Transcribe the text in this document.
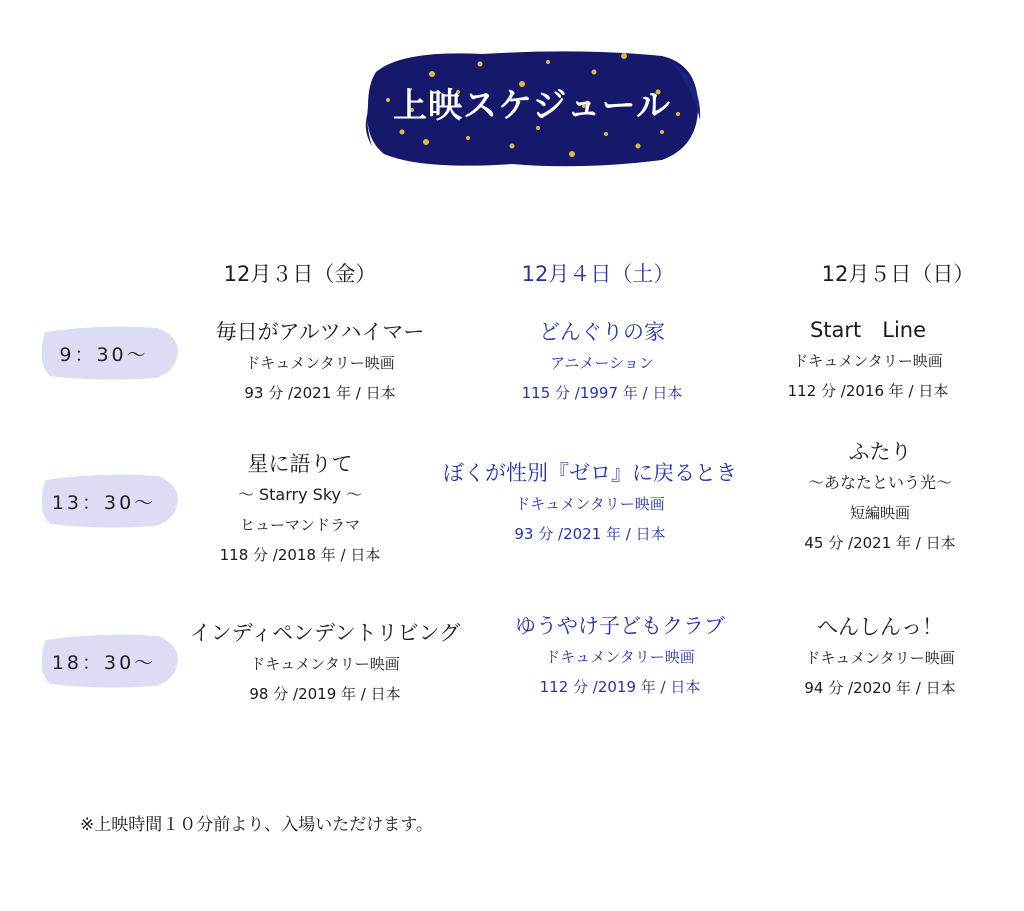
上映スケジュール
12月３日（金）	12月４日（土）	12月５日（日）
9：30～
13：30～
18：30～
毎日がアルツハイマー
ドキュメンタリー映画
93 分 /2021 年 / 日本
星に語りて
～ Starry Sky ～
ヒューマンドラマ
118 分 /2018 年 / 日本
インディペンデントリビング
ドキュメンタリー映画
98 分 /2019 年 / 日本
どんぐりの家
アニメーション
115 分 /1997 年 / 日本
ぼくが性別『ゼロ』に戻るとき
ドキュメンタリー映画
93 分 /2021 年 / 日本
ゆうやけ子どもクラブ
ドキュメンタリー映画
112 分 /2019 年 / 日本
Start　Line
ドキュメンタリー映画
112 分 /2016 年 / 日本
ふたり
～あなたという光～
短編映画
45 分 /2021 年 / 日本
へんしんっ！
ドキュメンタリー映画
94 分 /2020 年 / 日本
※上映時間１０分前より、入場いただけます。
